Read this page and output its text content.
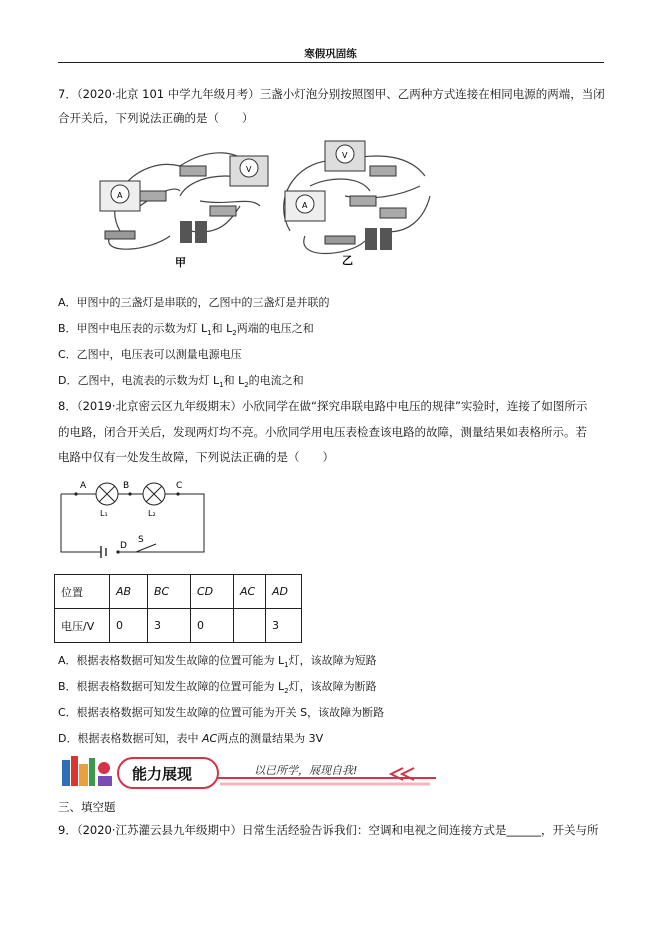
寒假巩固练
7．（2020·北京 101 中学九年级月考）三盏小灯泡分别按照图甲、乙两种方式连接在相同电源的两端，当闭
合开关后，下列说法正确的是（　　）
A
V
甲
V
A
乙
A．甲图中的三盏灯是串联的，乙图中的三盏灯是并联的
B．甲图中电压表的示数为灯 $L_1$和 $L_2$两端的电压之和
C．乙图中，电压表可以测量电源电压
D．乙图中，电流表的示数为灯 $L_1$和 $L_2$的电流之和
8．（2019·北京密云区九年级期末）小欣同学在做“探究串联电路中电压的规律”实验时，连接了如图所示
的电路，闭合开关后，发现两灯均不亮。小欣同学用电压表检查该电路的故障，测量结果如表格所示。若
电路中仅有一处发生故障，下列说法正确的是（　　）
A	B	C
D
S
L₁	L₂
位置	AB	BC	CD	AC	AD
电压/V	0	3	0		3
A．根据表格数据可知发生故障的位置可能为 $L_1$灯，该故障为短路
B．根据表格数据可知发生故障的位置可能为 $L_2$灯，该故障为断路
C．根据表格数据可知发生故障的位置可能为开关 S，该故障为断路
D．根据表格数据可知，表中 AC两点的测量结果为 3V
能力展现	以已所学，展现自我!
三、填空题
9．（2020·江苏灌云县九年级期中）日常生活经验告诉我们：空调和电视之间连接方式是______，开关与所
